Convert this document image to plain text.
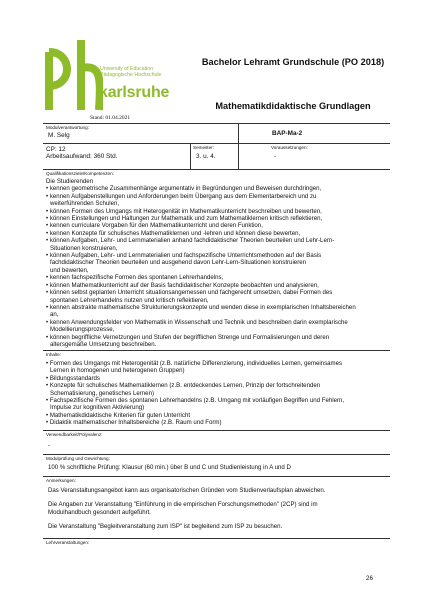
University of Education
Pädagogische Hochschule
karlsruhe
Stand: 01.04.2021
Bachelor Lehramt Grundschule (PO 2018)
Mathematikdidaktische Grundlagen
Modulverantwortung:
M. Selg	BAP-Ma-2
CP: 12
Arbeitsaufwand: 360 Std.
Semester:
3. u. 4.
Voraussetzungen:
-
Qualifikationsziele/Kompetenzen:

Die Studierenden

• kennen geometrische Zusammenhänge argumentativ in Begründungen und Beweisen durchdringen,
• kennen Aufgabenstellungen und Anforderungen beim Übergang aus dem Elementarbereich und zu
weiterführenden Schulen,
• können Formen des Umgangs mit Heterogenität im Mathematikunterricht beschreiben und bewerten,
• können Einstellungen und Haltungen zur Mathematik und zum Mathematiklernen kritisch reflektieren,
• kennen curriculare Vorgaben für den Mathematikunterricht und deren Funktion,
• kennen Konzepte für schulisches Mathematiklernen und -lehren und können diese bewerten,
• können Aufgaben, Lehr- und Lernmaterialien anhand fachdidaktischer Theorien beurteilen und Lehr-Lern-
Situationen konstruieren,
• können Aufgaben, Lehr- und Lernmaterialien und fachspezifische Unterrichtsmethoden auf der Basis
fachdidaktischer Theorien beurteilen und ausgehend davon Lehr-Lern-Situationen konstruieren
und bewerten,
• kennen fachspezifische Formen des spontanen Lehrerhandelns,
• können Mathematikunterricht auf der Basis fachdidaktischer Konzepte beobachten und analysieren,
• können selbst geplanten Unterricht situationsangemessen und fachgerecht umsetzen, dabei Formen des
spontanen Lehrerhandelns nutzen und kritisch reflektieren,
• kennen abstrakte mathematische Strukturierungskonzepte und wenden diese in exemplarischen Inhaltsbereichen
an,
• kennen Anwendungsfelder von Mathematik in Wissenschaft und Technik und beschreiben darin exemplarische
Modellierungsprozesse,
• können begriffliche Vernetzungen und Stufen der begrifflichen Strenge und Formalisierungen und deren
altersgemäße Umsetzung beschreiben.
Inhalte:
• Formen des Umgangs mit Heterogenität (z.B. natürliche Differenzierung, individuelles Lernen, gemeinsames
Lernen in homogenen und heterogenen Gruppen)
• Bildungsstandards
• Konzepte für schulisches Mathematiklernen (z.B. entdeckendes Lernen, Prinzip der fortschreitenden
Schematisierung, genetisches Lernen)
• Fachspezifische Formen des spontanen Lehrerhandelns (z.B. Umgang mit vorläufigen Begriffen und Fehlern,
Impulse zur kognitiven Aktivierung)
• Mathematikdidaktische Kriterien für guten Unterricht
• Didaktik mathematischer Inhaltsbereiche (z.B. Raum und Form)
Verwendbarkeit/Polyvalenz:
-
Modulprüfung und Gewichtung:
100 % schriftliche Prüfung: Klausur (60 min.) über B und C und Studienleistung in A und D
Anmerkungen:

Das Veranstaltungsangebot kann aus organisatorischen Gründen vom Studienverlaufsplan abweichen.

Die Angaben zur Veranstaltung "Einführung in die empirischen Forschungsmethoden" (2CP) sind im
Modulhandbuch gesondert aufgeführt.

Die Veranstaltung "Begleitveranstaltung zum ISP" ist begleitend zum ISP zu besuchen.

Lehrveranstaltungen:
26
